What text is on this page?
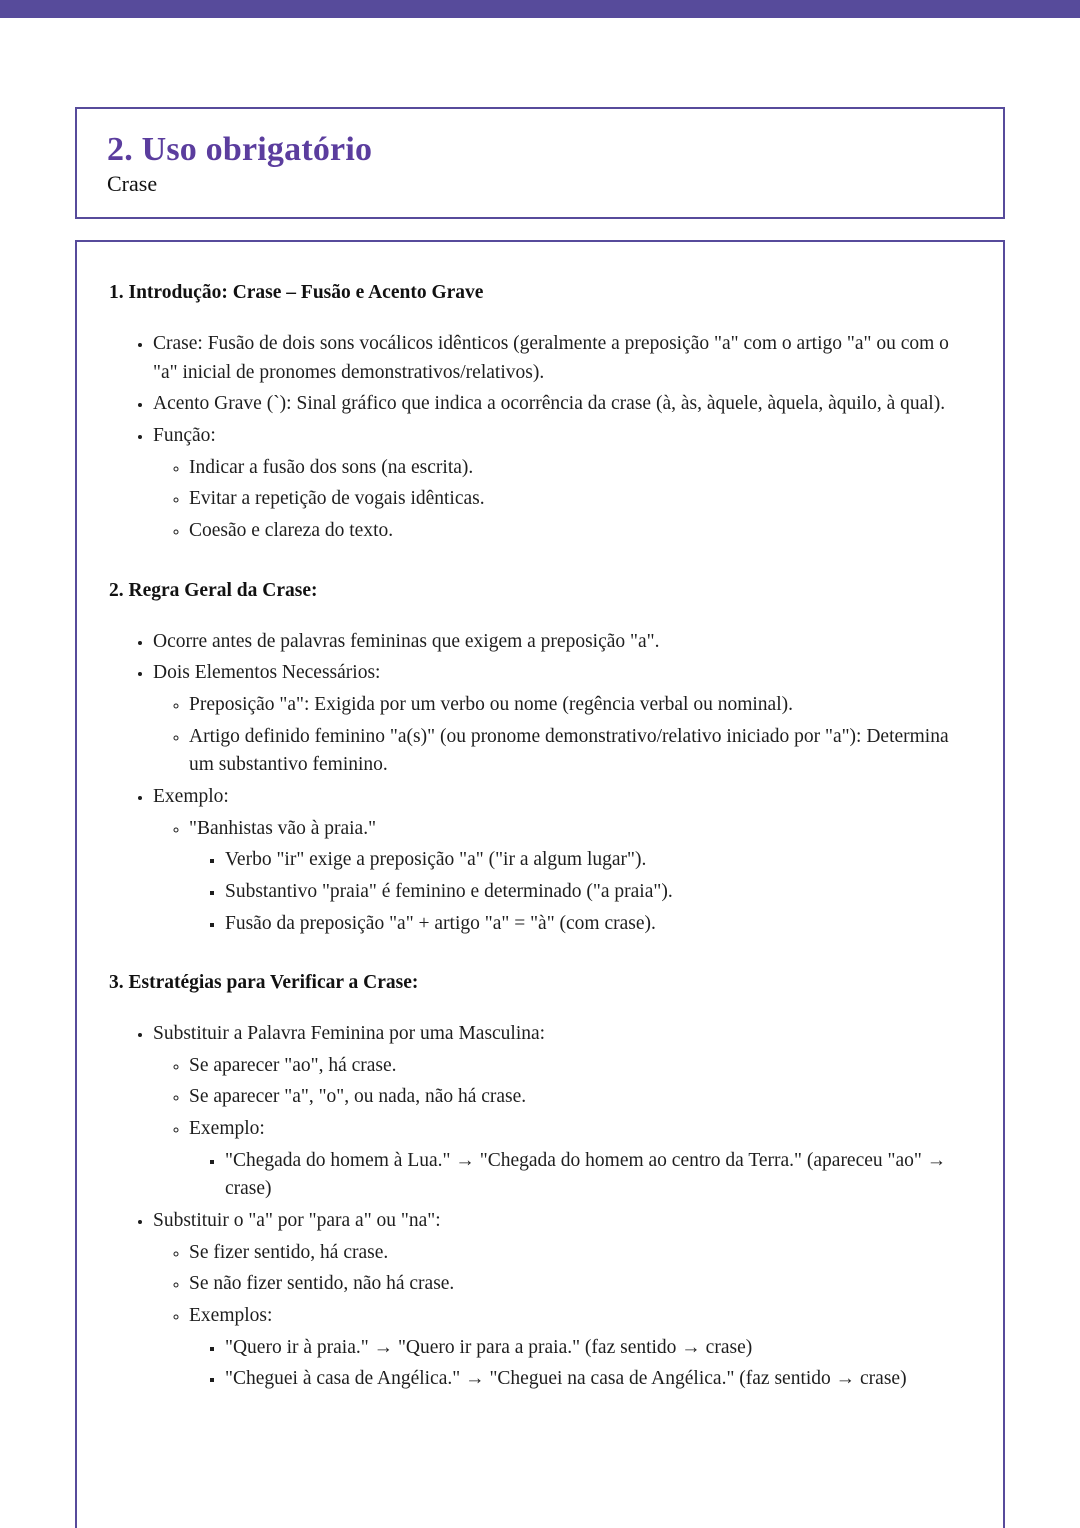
2. Uso obrigatório
Crase
1. Introdução: Crase – Fusão e Acento Grave
• Crase: Fusão de dois sons vocálicos idênticos (geralmente a preposição "a" com o artigo "a" ou com o "a" inicial de pronomes demonstrativos/relativos).
• Acento Grave (`): Sinal gráfico que indica a ocorrência da crase (à, às, àquele, àquela, àquilo, à qual).
• Função:
◦ Indicar a fusão dos sons (na escrita).
◦ Evitar a repetição de vogais idênticas.
◦ Coesão e clareza do texto.
2. Regra Geral da Crase:
• Ocorre antes de palavras femininas que exigem a preposição "a".
• Dois Elementos Necessários:
◦ Preposição "a": Exigida por um verbo ou nome (regência verbal ou nominal).
◦ Artigo definido feminino "a(s)" (ou pronome demonstrativo/relativo iniciado por "a"): Determina um substantivo feminino.
• Exemplo:
◦ "Banhistas vão à praia."
▪ Verbo "ir" exige a preposição "a" ("ir a algum lugar").
▪ Substantivo "praia" é feminino e determinado ("a praia").
▪ Fusão da preposição "a" + artigo "a" = "à" (com crase).
3. Estratégias para Verificar a Crase:
• Substituir a Palavra Feminina por uma Masculina:
◦ Se aparecer "ao", há crase.
◦ Se aparecer "a", "o", ou nada, não há crase.
◦ Exemplo:
▪ "Chegada do homem à Lua." → "Chegada do homem ao centro da Terra." (apareceu "ao" → crase)
• Substituir o "a" por "para a" ou "na":
◦ Se fizer sentido, há crase.
◦ Se não fizer sentido, não há crase.
◦ Exemplos:
▪ "Quero ir à praia." → "Quero ir para a praia." (faz sentido → crase)
▪ "Cheguei à casa de Angélica." → "Cheguei na casa de Angélica." (faz sentido → crase)
